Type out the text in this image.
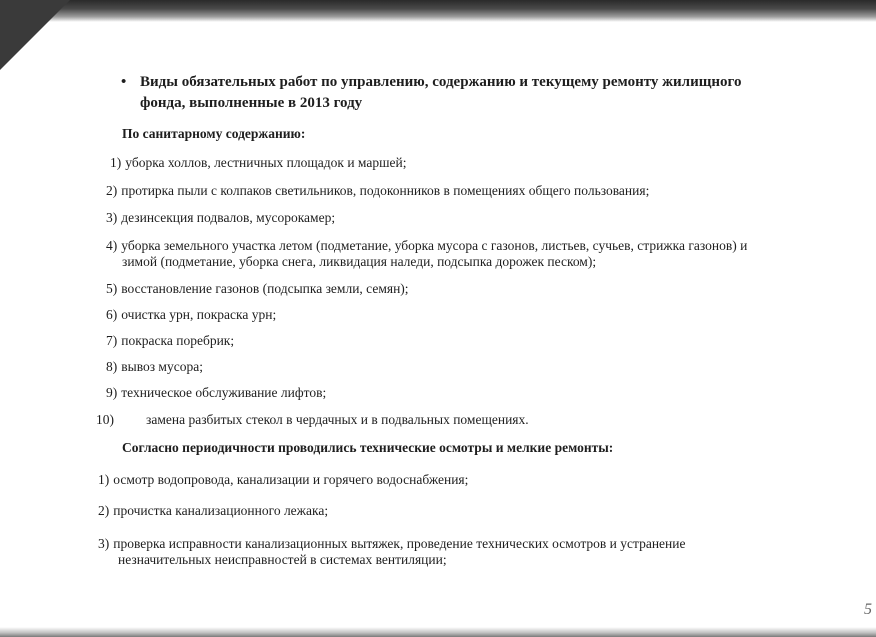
• Виды обязательных работ по управлению, содержанию и текущему ремонту жилищного
фонда, выполненные в 2013 году
По санитарному содержанию:
1) уборка холлов, лестничных площадок и маршей;
2) протирка пыли с колпаков светильников, подоконников в помещениях общего пользования;
3) дезинсекция подвалов, мусорокамер;
4) уборка земельного участка летом (подметание, уборка мусора с газонов, листьев, сучьев, стрижка газонов) и
зимой (подметание, уборка снега, ликвидация наледи, подсыпка дорожек песком);
5) восстановление газонов (подсыпка земли, семян);
6) очистка урн, покраска урн;
7) покраска поребрик;
8) вывоз мусора;
9) техническое обслуживание лифтов;
10) замена разбитых стекол в чердачных и в подвальных помещениях.
Согласно периодичности проводились технические осмотры и мелкие ремонты:
1) осмотр водопровода, канализации и горячего водоснабжения;
2) прочистка канализационного лежака;
3) проверка исправности канализационных вытяжек, проведение технических осмотров и устранение
незначительных неисправностей в системах вентиляции;
5
